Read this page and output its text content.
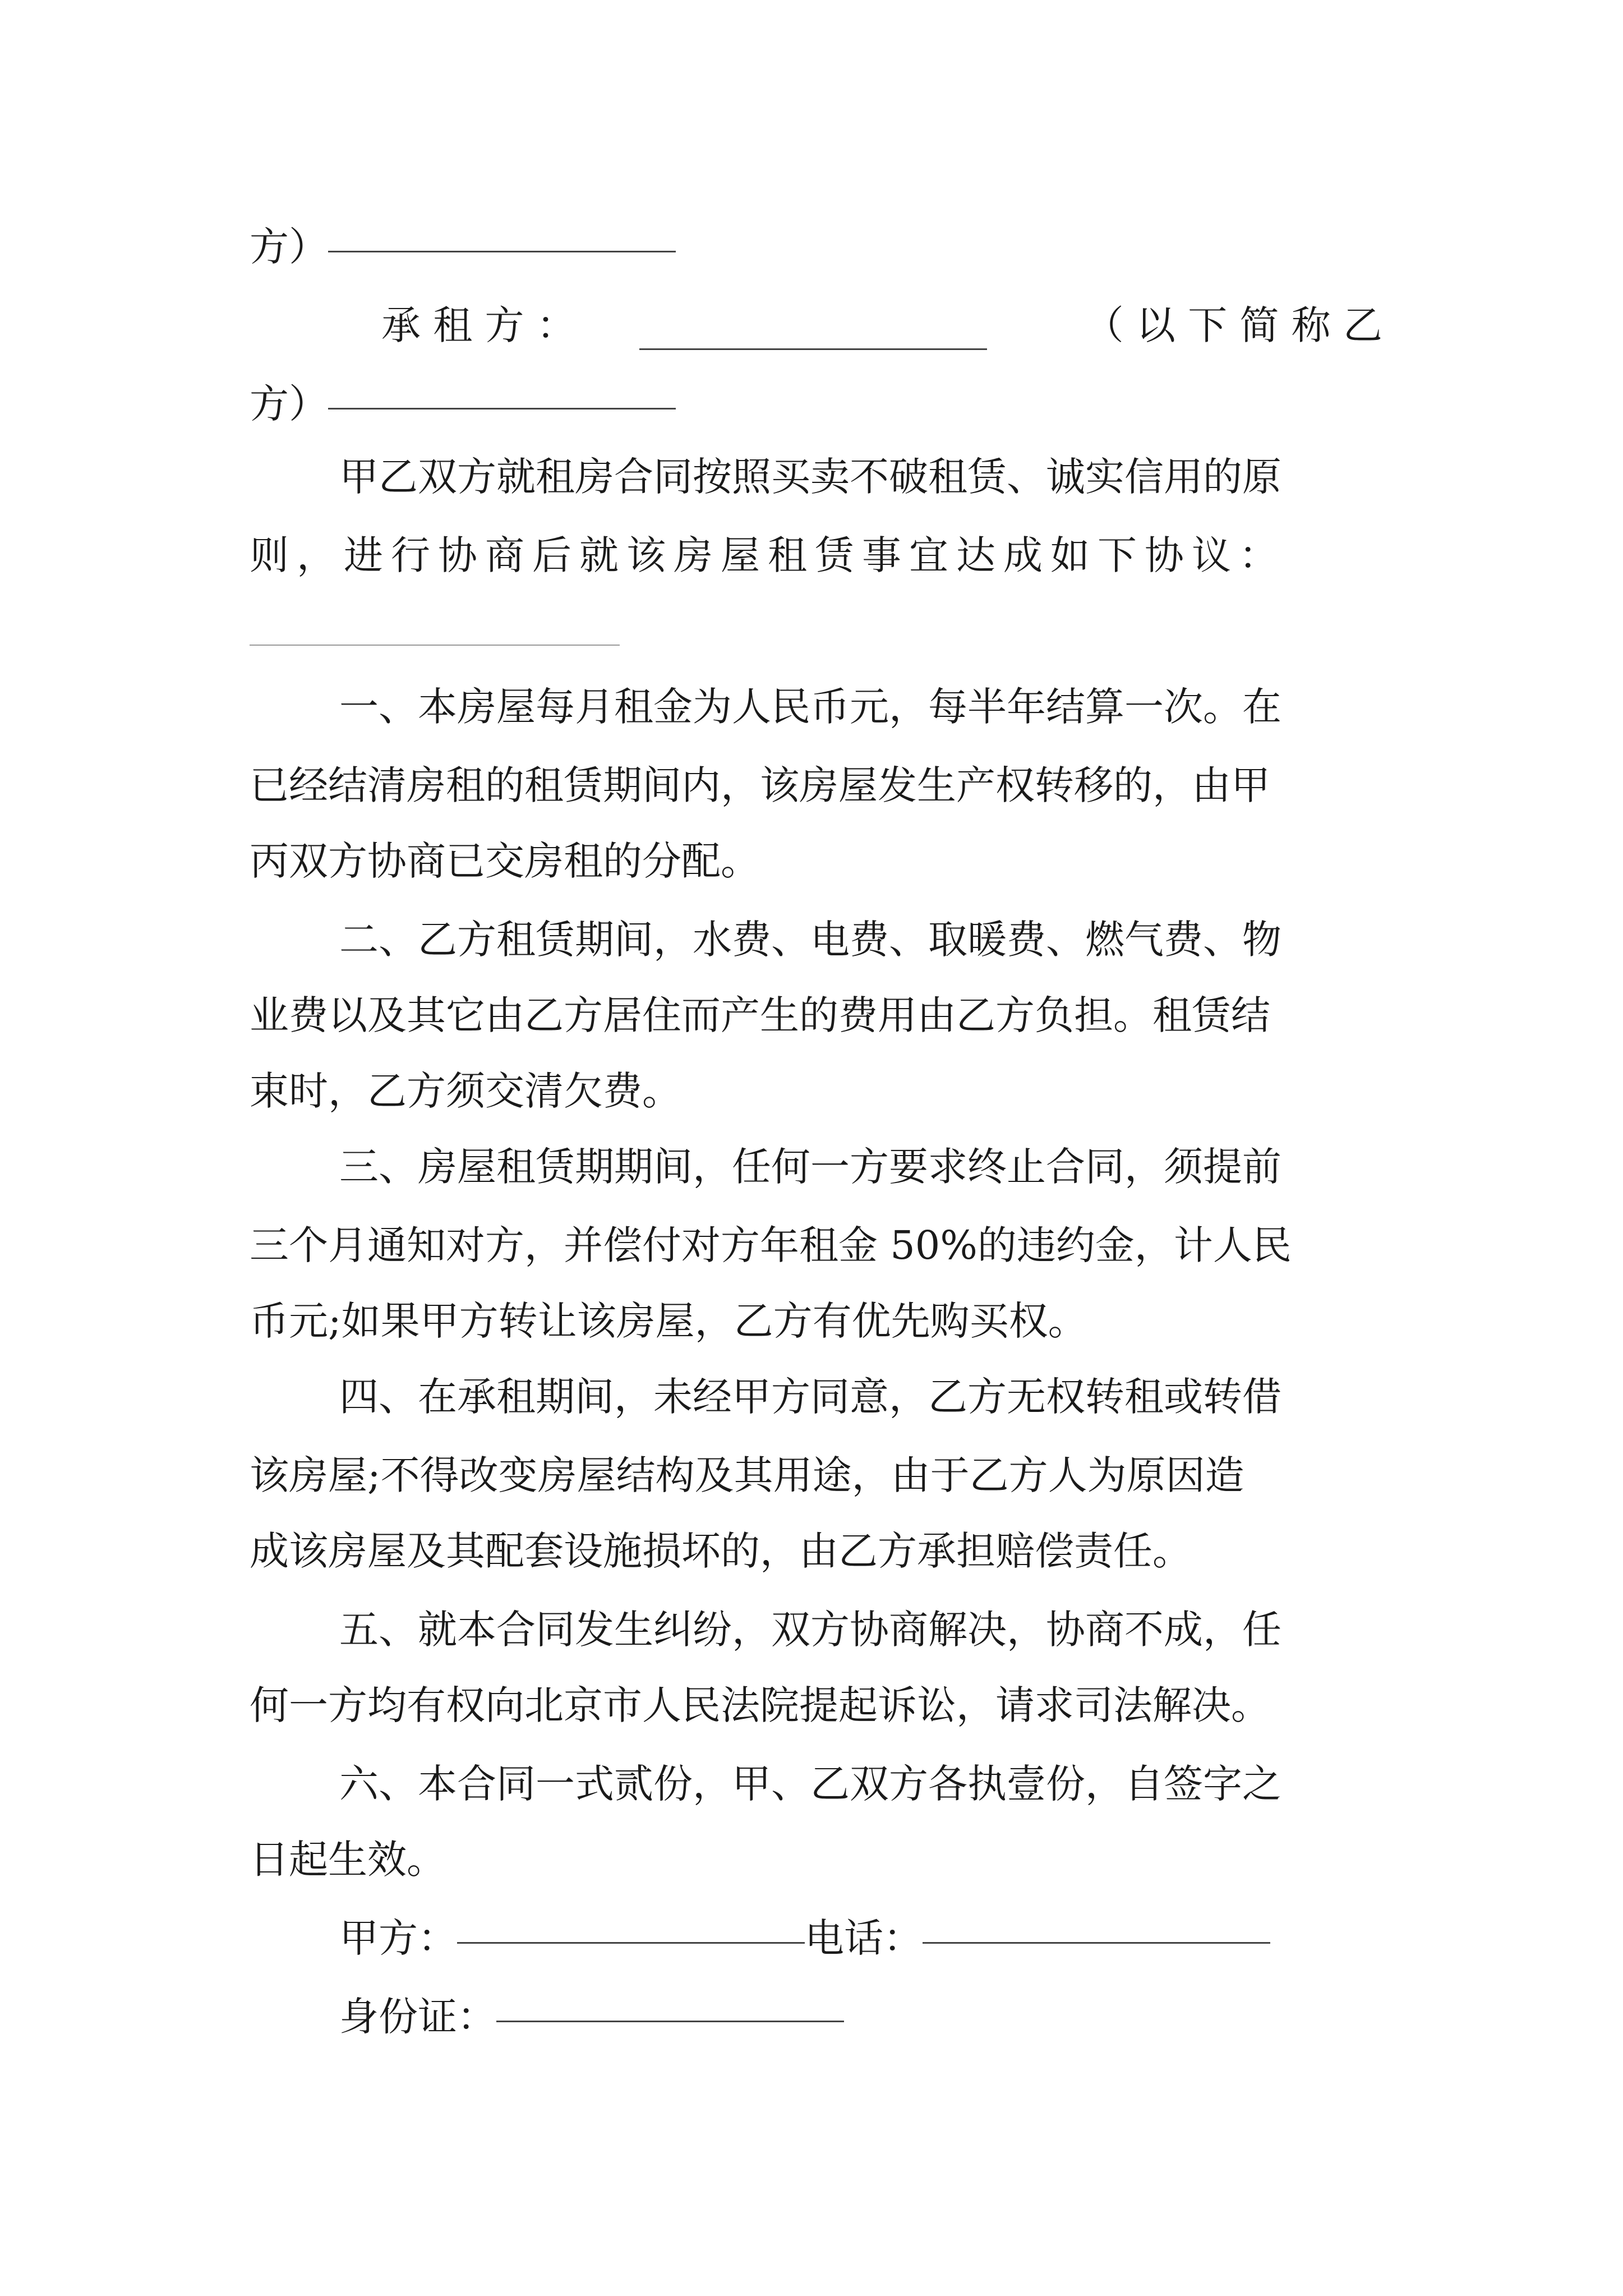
方）
承 租 方 ：	（ 以 下 简 称 乙
方）
甲乙双方就租房合同按照买卖不破租赁、诚实信用的原
则，进行协商后就该房屋租赁事宜达成如下协议：
一、本房屋每月租金为人民币元，每半年结算一次。在
已经结清房租的租赁期间内，该房屋发生产权转移的，由甲
丙双方协商已交房租的分配。
二、乙方租赁期间，水费、电费、取暖费、燃气费、物
业费以及其它由乙方居住而产生的费用由乙方负担。租赁结
束时，乙方须交清欠费。
三、房屋租赁期期间，任何一方要求终止合同，须提前
三个月通知对方，并偿付对方年租金 50%的违约金，计人民
币元;如果甲方转让该房屋，乙方有优先购买权。
四、在承租期间，未经甲方同意，乙方无权转租或转借
该房屋;不得改变房屋结构及其用途，由于乙方人为原因造
成该房屋及其配套设施损坏的，由乙方承担赔偿责任。
五、就本合同发生纠纷，双方协商解决，协商不成，任
何一方均有权向北京市人民法院提起诉讼，请求司法解决。
六、本合同一式贰份，甲、乙双方各执壹份，自签字之
日起生效。
甲方：	电话：
身份证：
